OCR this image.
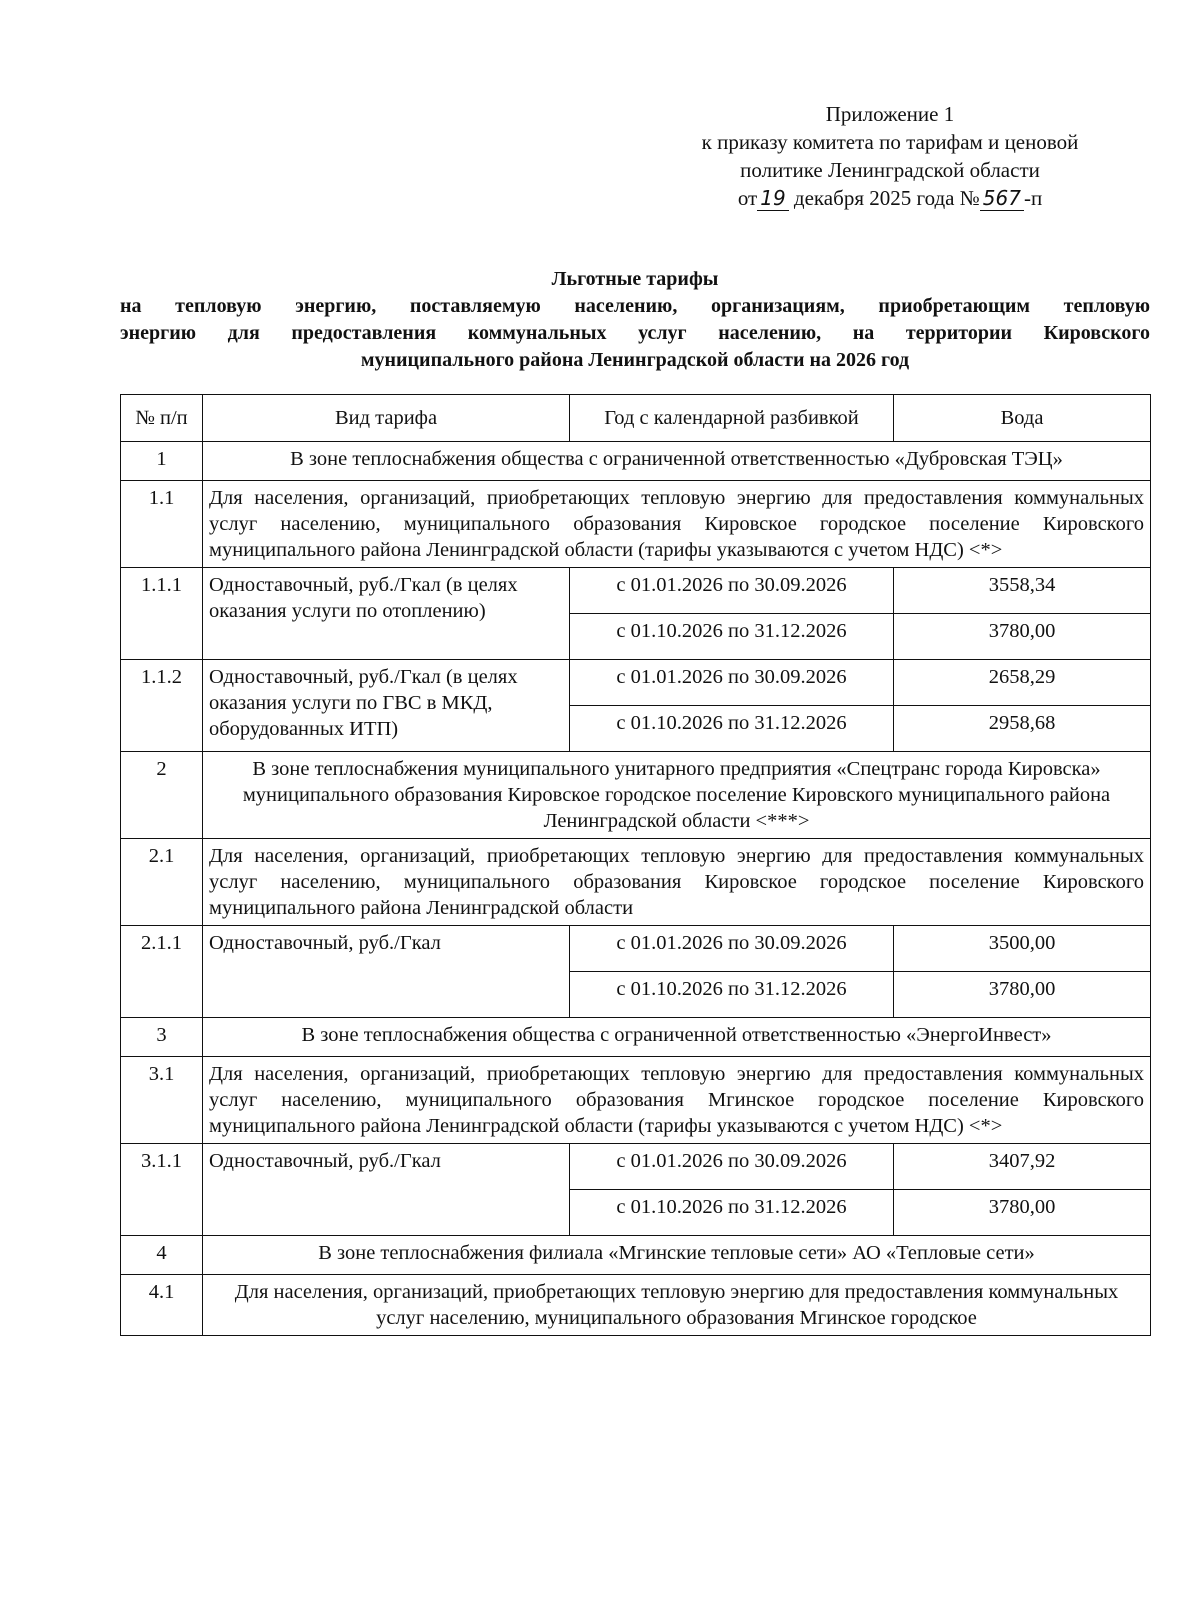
Приложение 1
к приказу комитета по тарифам и ценовой
политике Ленинградской области
от 19 декабря 2025 года № 567 -п
Льготные тарифы
на тепловую энергию, поставляемую населению, организациям, приобретающим тепловую
энергию для предоставления коммунальных услуг населению, на территории Кировского
муниципального района Ленинградской области на 2026 год
№ п/п	Вид тарифа	Год с календарной разбивкой	Вода
1	В зоне теплоснабжения общества с ограниченной ответственностью «Дубровская ТЭЦ»		
1.1	Для населения, организаций, приобретающих тепловую энергию для предоставления коммунальных услуг населению, муниципального образования Кировское городское поселение Кировского муниципального района Ленинградской области (тарифы указываются с учетом НДС) <*>		
1.1.1	Одноставочный, руб./Гкал (в целях оказания услуги по отоплению)	с 01.01.2026 по 30.09.2026	3558,34
		с 01.10.2026 по 31.12.2026	3780,00
1.1.2	Одноставочный, руб./Гкал (в целях оказания услуги по ГВС в МКД, оборудованных ИТП)	с 01.01.2026 по 30.09.2026	2658,29
		с 01.10.2026 по 31.12.2026	2958,68
2	В зоне теплоснабжения муниципального унитарного предприятия «Спецтранс города Кировска» муниципального образования Кировское городское поселение Кировского муниципального района Ленинградской области <***>		
2.1	Для населения, организаций, приобретающих тепловую энергию для предоставления коммунальных услуг населению, муниципального образования Кировское городское поселение Кировского муниципального района Ленинградской области		
2.1.1	Одноставочный, руб./Гкал	с 01.01.2026 по 30.09.2026	3500,00
		с 01.10.2026 по 31.12.2026	3780,00
3	В зоне теплоснабжения общества с ограниченной ответственностью «ЭнергоИнвест»		
3.1	Для населения, организаций, приобретающих тепловую энергию для предоставления коммунальных услуг населению, муниципального образования Мгинское городское поселение Кировского муниципального района Ленинградской области (тарифы указываются с учетом НДС) <*>		
3.1.1	Одноставочный, руб./Гкал	с 01.01.2026 по 30.09.2026	3407,92
		с 01.10.2026 по 31.12.2026	3780,00
4	В зоне теплоснабжения филиала «Мгинские тепловые сети» АО «Тепловые сети»		
4.1	Для населения, организаций, приобретающих тепловую энергию для предоставления коммунальных услуг населению, муниципального образования Мгинское городское		
